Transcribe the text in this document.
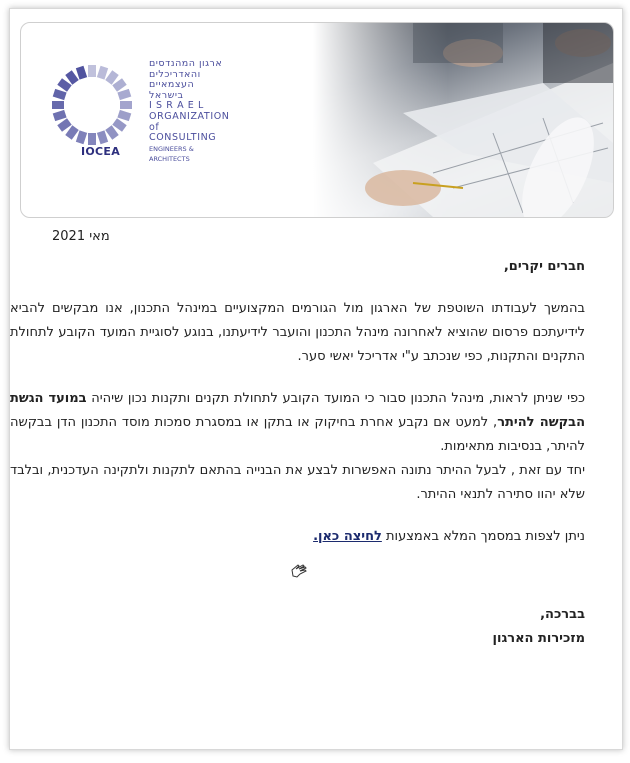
ארגון המהנדסים
והאדריכלים
העצמאיים
בישראל
I S R A E L
ORGANIZATION
of CONSULTING
ENGINEERS & ARCHITECTS
IOCEA
מאי 2021

חברים יקרים,

בהמשך לעבודתו השוטפת של הארגון מול הגורמים המקצועיים במינהל התכנון, אנו מבקשים להביא לידיעתכם פרסום שהוציא לאחרונה מינהל התכנון והועבר לידיעתנו, בנוגע לסוגיית המועד הקובע לתחולת התקנים והתקנות, כפי שנכתב ע"י אדריכל יאשי סער.

כפי שניתן לראות, מינהל התכנון סבור כי המועד הקובע לתחולת תקנים ותקנות נכון שיהיה במועד הגשת הבקשה להיתר, למעט אם נקבע אחרת בחיקוק או בתקן או במסגרת סמכות מוסד התכנון הדן בבקשה להיתר, בנסיבות מתאימות.

יחד עם זאת , לבעל ההיתר נתונה האפשרות לבצע את הבנייה בהתאם לתקנות ולתקינה העדכנית, ובלבד שלא יהוו סתירה לתנאי ההיתר.

ניתן לצפות במסמך המלא באמצעות לחיצה כאן.

בברכה,
מזכירות הארגון
